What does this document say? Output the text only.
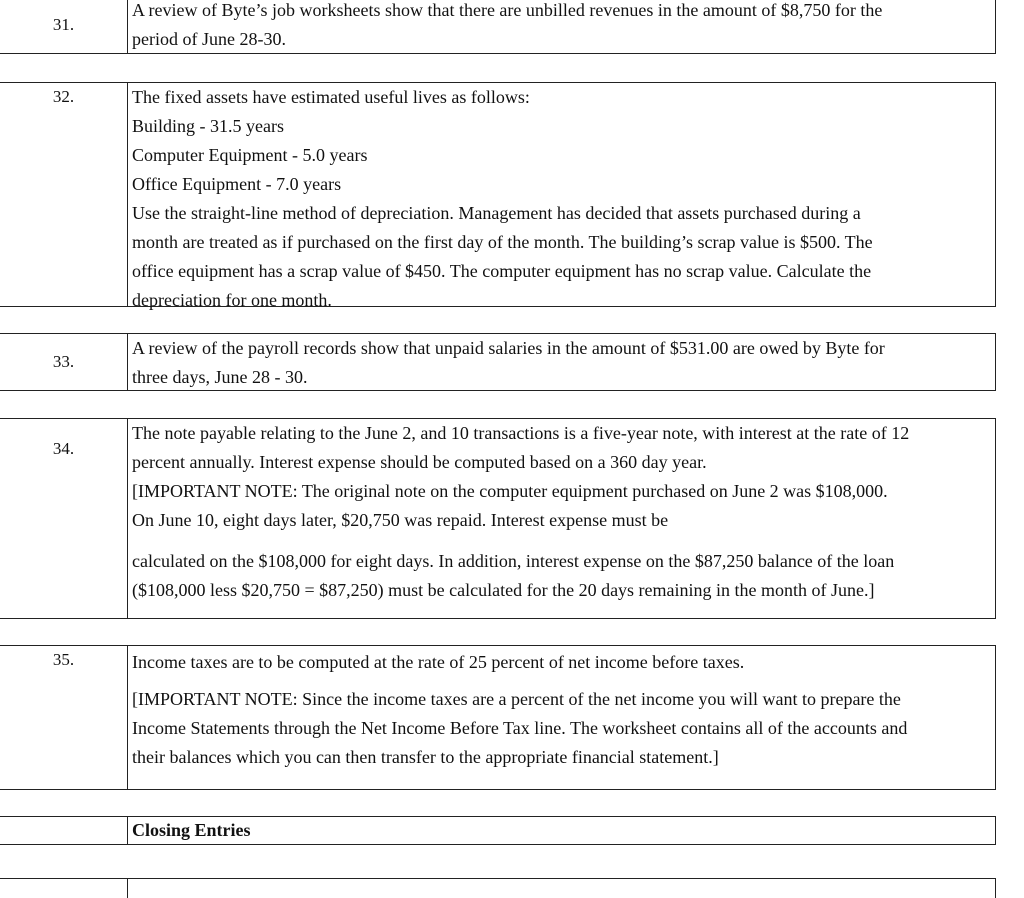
31.
A review of Byte’s job worksheets show that there are unbilled revenues in the amount of $8,750 for the
period of June 28-30.
32.	The fixed assets have estimated useful lives as follows:
Building - 31.5 years
Computer Equipment - 5.0 years
Office Equipment - 7.0 years
Use the straight-line method of depreciation. Management has decided that assets purchased during a
month are treated as if purchased on the first day of the month. The building’s scrap value is $500. The
office equipment has a scrap value of $450. The computer equipment has no scrap value. Calculate the
depreciation for one month.
33.
A review of the payroll records show that unpaid salaries in the amount of $531.00 are owed by Byte for
three days, June 28 - 30.
34.
The note payable relating to the June 2, and 10 transactions is a five-year note, with interest at the rate of 12
percent annually. Interest expense should be computed based on a 360 day year.
[IMPORTANT NOTE: The original note on the computer equipment purchased on June 2 was $108,000.
On June 10, eight days later, $20,750 was repaid. Interest expense must be
calculated on the $108,000 for eight days. In addition, interest expense on the $87,250 balance of the loan
($108,000 less $20,750 = $87,250) must be calculated for the 20 days remaining in the month of June.]
35.	Income taxes are to be computed at the rate of 25 percent of net income before taxes.
[IMPORTANT NOTE: Since the income taxes are a percent of the net income you will want to prepare the
Income Statements through the Net Income Before Tax line. The worksheet contains all of the accounts and
their balances which you can then transfer to the appropriate financial statement.]
Closing Entries
